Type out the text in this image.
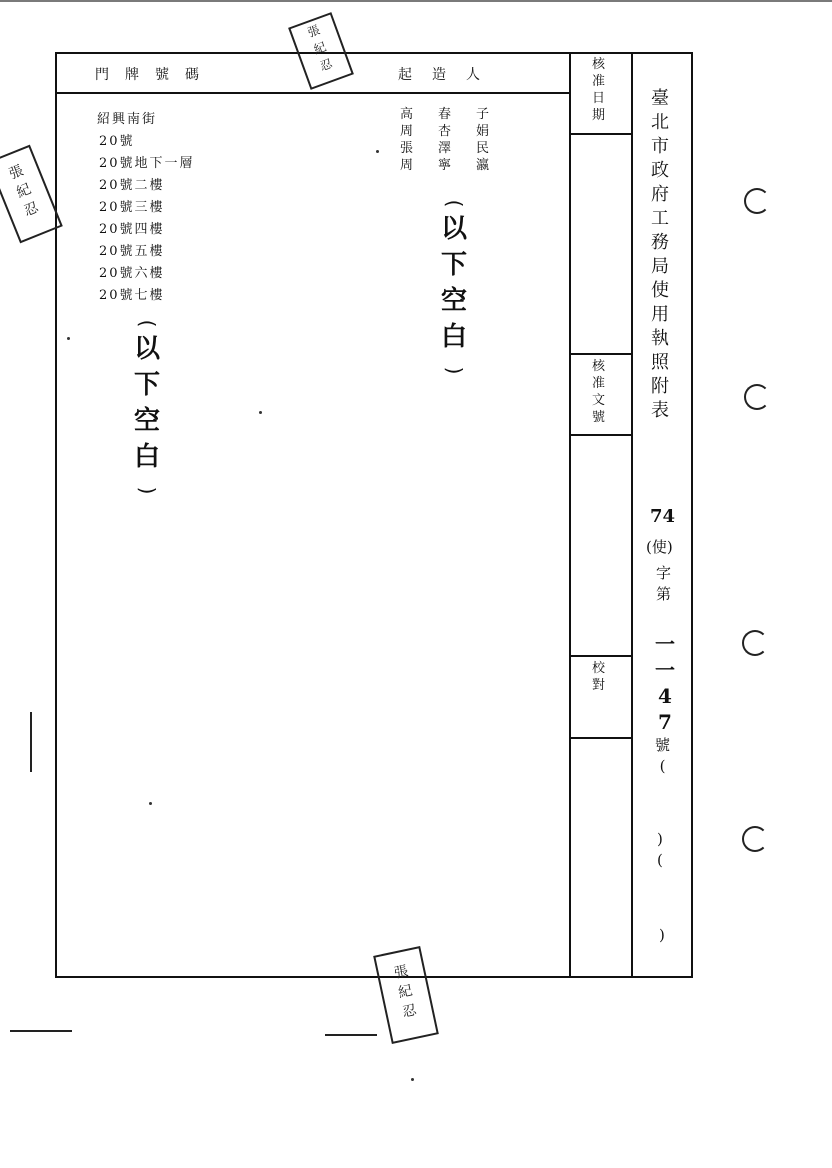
門牌號碼	起造人
紹興南街
20號
20號地下一層
20號二樓
20號三樓
20號四樓
20號五樓
20號六樓
20號七樓
子
娟
民
瀛
春
杏
澤
寧
高
周
張
周
(
以
下
空
白
)
(
以
下
空
白
)
核
准
日
期
核
准
文
號
校
對
臺
北
市
政
府
工
務
局
使
用
執
照
附
表
74
(使)
字
第
一
一
4
7
號
(
)
(
)
張
紀
忍
張
紀
忍
張
紀
忍
